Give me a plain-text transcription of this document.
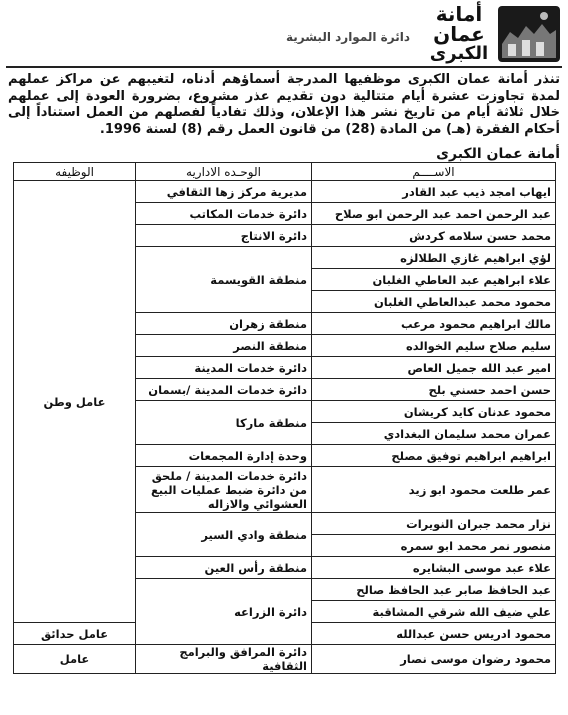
أمانة
عمان
الكبرى
دائرة الموارد البشرية
تنذر أمانة عمان الكبرى موظفيها المدرجة أسماؤهم أدناه، لتغيبهم عن مراكز عملهم لمدة تجاوزت عشرة أيام متتالية دون تقديم عذر مشروع، بضرورة العودة إلى عملهم خلال ثلاثة أيام من تاريخ نشر هذا الإعلان، وذلك تفادياً لفصلهم من العمل استناداً إلى أحكام الفقرة (هـ) من المادة (28) من قانون العمل رقم (8) لسنة 1996.
أمانة عمان الكبرى
الاســــم	الوحـده الاداريه	الوظيفه
ايهاب امجد ذيب عبد القادر	مديرية مركز زها الثقافي	عامل وطن
عبد الرحمن احمد عبد الرحمن ابو صلاح	دائرة خدمات المكاتب	
محمد حسن سلامه كردش	دائرة الانتاج	
لؤي ابراهيم غازي الطلالزه	منطقة القويسمة	
علاء ابراهيم عبد العاطي الغلبان		
محمود محمد عبدالعاطي الغلبان		
مالك ابراهيم محمود مرعب	منطقة زهران	
سليم صلاح سليم الخوالده	منطقة النصر	
امير عبد الله جميل العاص	دائرة خدمات المدينة	
حسن احمد حسني بلح	دائرة خدمات المدينة /بسمان	
محمود عدنان كايد كريشان	منطقة ماركا	
عمران محمد سليمان البغدادي		
ابراهيم ابراهيم توفيق مصلح	وحدة إدارة المجمعات	
عمر طلعت محمود ابو زيد	دائرة خدمات المدينة / ملحق من دائرة ضبط عمليات البيع العشوائي والازاله	
نزار محمد جبران النويرات	منطقة وادي السير	
منصور نمر محمد ابو سمره		
علاء عبد موسى البشايره	منطقة رأس العين	
عبد الحافظ صابر عبد الحافظ صالح	دائرة الزراعه	
علي ضيف الله شرقي المشاقبة		
محمود ادريس حسن عبدالله		عامل حدائق
محمود رضوان موسى نصار	دائرة المرافق والبرامج الثقافية	عامل
